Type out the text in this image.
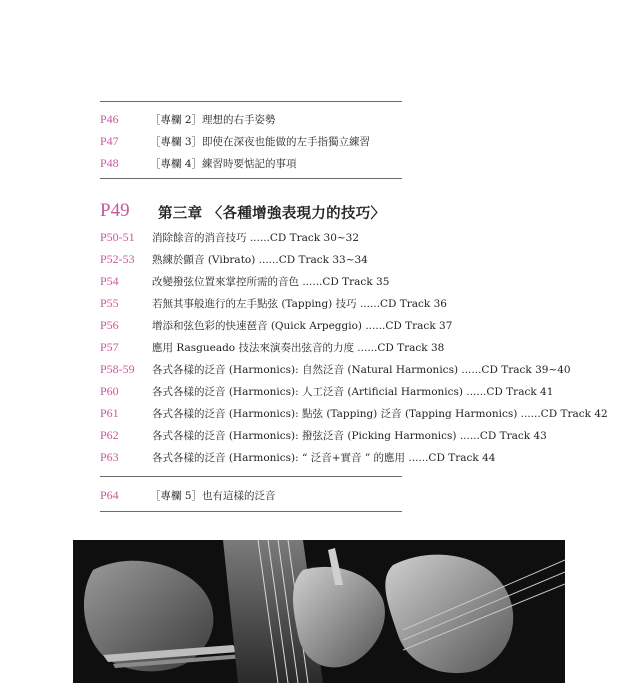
P46	［專欄 2］理想的右手姿勢
P47	［專欄 3］即使在深夜也能做的左手指獨立練習
P48	［專欄 4］練習時要惦記的事項
P49	第三章 〈各種增強表現力的技巧〉
P50-51	消除餘音的消音技巧 ......CD Track 30~32
P52-53	熟練於顫音 (Vibrato) ......CD Track 33~34
P54	改變撥弦位置來掌控所需的音色 ......CD Track 35
P55	若無其事般進行的左手點弦 (Tapping) 技巧 ......CD Track 36
P56	增添和弦色彩的快速琶音 (Quick Arpeggio) ......CD Track 37
P57	應用 Rasgueado 技法來演奏出弦音的力度 ......CD Track 38
P58-59	各式各樣的泛音 (Harmonics): 自然泛音 (Natural Harmonics) ......CD Track 39~40
P60	各式各樣的泛音 (Harmonics): 人工泛音 (Artificial Harmonics) ......CD Track 41
P61	各式各樣的泛音 (Harmonics): 點弦 (Tapping) 泛音 (Tapping Harmonics) ......CD Track 42
P62	各式各樣的泛音 (Harmonics): 撥弦泛音 (Picking Harmonics) ......CD Track 43
P63	各式各樣的泛音 (Harmonics): “ 泛音+實音 ” 的應用 ......CD Track 44
P64	［專欄 5］也有這樣的泛音
